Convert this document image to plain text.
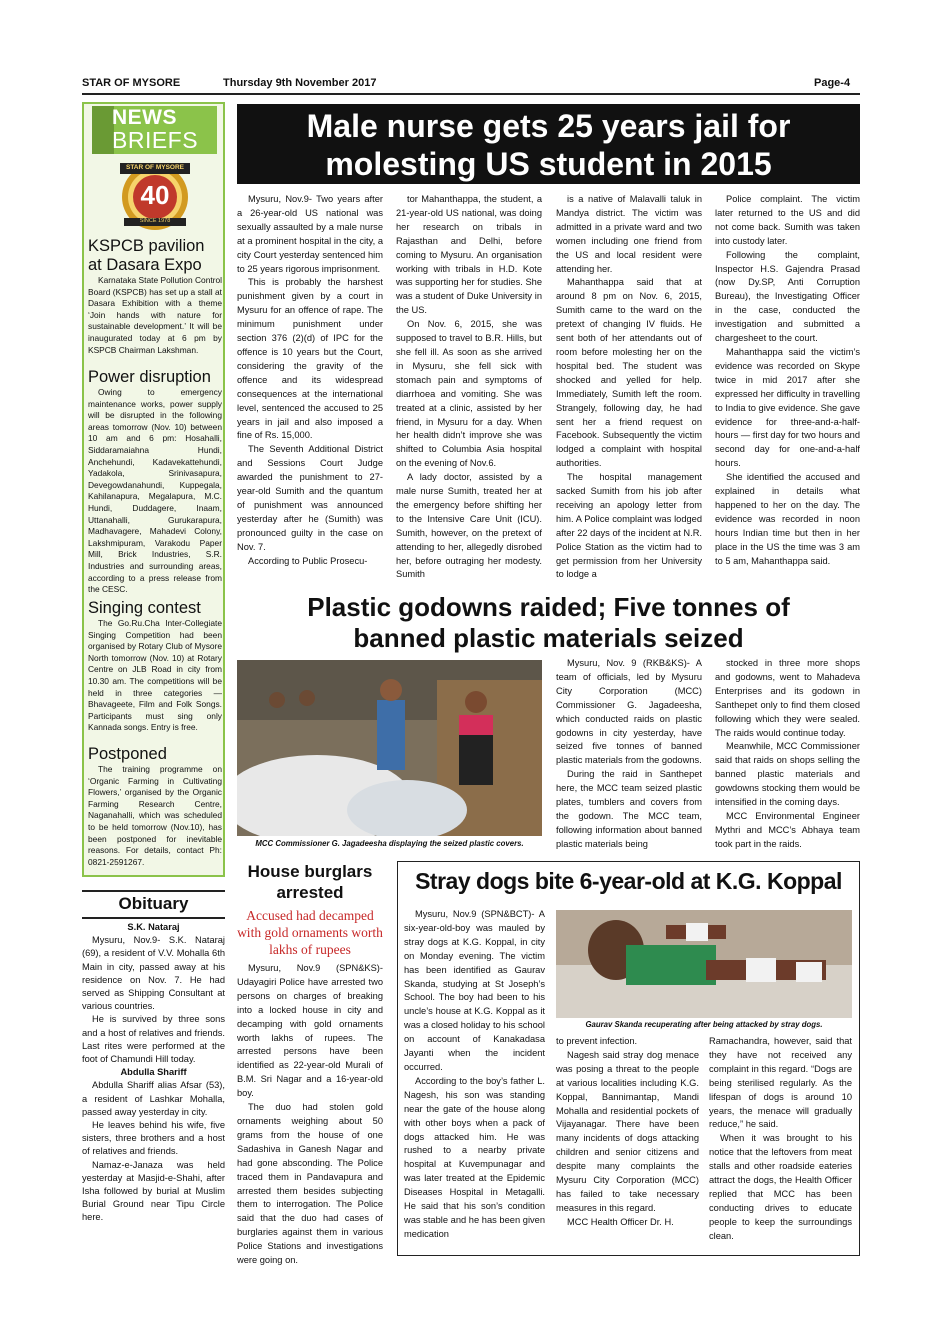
STAR OF MYSORE	Thursday 9th November 2017	Page-4
NEWS
BRIEFS
STAR OF MYSORE
40
SINCE 1978
KSPCB pavilion
at Dasara Expo

Karnataka State Pollution Control Board (KSPCB) has set up a stall at Dasara Exhibition with a theme ‘Join hands with nature for sustainable development.’ It will be inaugurated today at 6 pm by KSPCB Chairman Lakshman.

Power disruption

Owing to emergency maintenance works, power supply will be disrupted in the following areas tomorrow (Nov. 10) between 10 am and 6 pm: Hosahalli, Siddaramaiahna Hundi, Anchehundi, Kadavekattehundi, Yadakola, Srinivasapura, Devegowdanahundi, Kuppegala, Kahilanapura, Megalapura, M.C. Hundi, Duddagere, Inaam, Uttanahalli, Gurukarapura, Madhavagere, Mahadevi Colony, Lakshmipuram, Varakodu Paper Mill, Brick Industries, S.R. Industries and surrounding areas, according to a press release from the CESC.

Singing contest

The Go.Ru.Cha Inter-Collegiate Singing Competition had been organised by Rotary Club of Mysore North tomorrow (Nov. 10) at Rotary Centre on JLB Road in city from 10.30 am. The competitions will be held in three categories — Bhavageete, Film and Folk Songs. Participants must sing only Kannada songs. Entry is free.

Postponed

The training programme on ‘Organic Farming in Cultivating Flowers,’ organised by the Organic Farming Research Centre, Naganahalli, which was scheduled to be held tomorrow (Nov.10), has been postponed for inevitable reasons. For details, contact Ph: 0821-2591267.

Obituary
S.K. Nataraj

Mysuru, Nov.9- S.K. Nataraj (69), a resident of V.V. Mohalla 6th Main in city, passed away at his residence on Nov. 7. He had served as Shipping Consultant at various countries.

He is survived by three sons and a host of relatives and friends. Last rites were performed at the foot of Chamundi Hill today.

Abdulla Shariff

Abdulla Shariff alias Afsar (53), a resident of Lashkar Mohalla, passed away yesterday in city.

He leaves behind his wife, five sisters, three brothers and a host of relatives and friends.

Namaz-e-Janaza was held yesterday at Masjid-e-Shahi, after Isha followed by burial at Muslim Burial Ground near Tipu Circle here.

Male nurse gets 25 years jail for
molesting US student in 2015

Mysuru, Nov.9- Two years after a 26-year-old US national was sexually assaulted by a male nurse at a prominent hospital in the city, a city Court yesterday sentenced him to 25 years rigorous imprisonment.

This is probably the harshest punishment given by a court in Mysuru for an offence of rape. The minimum punishment under section 376 (2)(d) of IPC for the offence is 10 years but the Court, considering the gravity of the offence and its widespread consequences at the international level, sentenced the accused to 25 years in jail and also imposed a fine of Rs. 15,000.

The Seventh Additional District and Sessions Court Judge awarded the punishment to 27-year-old Sumith and the quantum of punishment was announced yesterday after he (Sumith) was pronounced guilty in the case on Nov. 7.

According to Public Prosecu-

tor Mahanthappa, the student, a 21-year-old US national, was doing her research on tribals in Rajasthan and Delhi, before coming to Mysuru. An organisation working with tribals in H.D. Kote was supporting her for studies. She was a student of Duke University in the US.

On Nov. 6, 2015, she was supposed to travel to B.R. Hills, but she fell ill. As soon as she arrived in Mysuru, she fell sick with stomach pain and symptoms of diarrhoea and vomiting. She was treated at a clinic, assisted by her friend, in Mysuru for a day. When her health didn’t improve she was shifted to Columbia Asia hospital on the evening of Nov.6.

A lady doctor, assisted by a male nurse Sumith, treated her at the emergency before shifting her to the Intensive Care Unit (ICU). Sumith, however, on the pretext of attending to her, allegedly disrobed her, before outraging her modesty. Sumith

is a native of Malavalli taluk in Mandya district. The victim was admitted in a private ward and two women including one friend from the US and local resident were attending her.

Mahanthappa said that at around 8 pm on Nov. 6, 2015, Sumith came to the ward on the pretext of changing IV fluids. He sent both of her attendants out of room before molesting her on the hospital bed. The student was shocked and yelled for help. Immediately, Sumith left the room. Strangely, following day, he had sent her a friend request on Facebook. Subsequently the victim lodged a complaint with hospital authorities.

The hospital management sacked Sumith from his job after receiving an apology letter from him. A Police complaint was lodged after 22 days of the incident at N.R. Police Station as the victim had to get permission from her University to lodge a

Police complaint. The victim later returned to the US and did not come back. Sumith was taken into custody later.

Following the complaint, Inspector H.S. Gajendra Prasad (now Dy.SP, Anti Corruption Bureau), the Investigating Officer in the case, conducted the investigation and submitted a chargesheet to the court.

Mahanthappa said the victim’s evidence was recorded on Skype twice in mid 2017 after she expressed her difficulty in travelling to India to give evidence. She gave evidence for three-and-a-half-hours — first day for two hours and second day for one-and-a-half hours.

She identified the accused and explained in details what happened to her on the day. The evidence was recorded in noon hours Indian time but then in her place in the US the time was 3 am to 5 am, Mahanthappa said.

Plastic godowns raided; Five tonnes of
banned plastic materials seized
MCC Commissioner G. Jagadeesha displaying the seized plastic covers.

Mysuru, Nov. 9 (RKB&KS)- A team of officials, led by Mysuru City Corporation (MCC) Commissioner G. Jagadeesha, which conducted raids on plastic godowns in city yesterday, have seized five tonnes of banned plastic materials from the godowns.

During the raid in Santhepet here, the MCC team seized plastic plates, tumblers and covers from the godown. The MCC team, following information about banned plastic materials being

stocked in three more shops and godowns, went to Mahadeva Enterprises and its godown in Santhepet only to find them closed following which they were sealed. The raids would continue today.

Meanwhile, MCC Commissioner said that raids on shops selling the banned plastic materials and gowdowns stocking them would be intensified in the coming days.

MCC Environmental Engineer Mythri and MCC’s Abhaya team took part in the raids.

House burglars
arrested
Accused had decamped with gold ornaments worth lakhs of rupees

Mysuru, Nov.9 (SPN&KS)- Udayagiri Police have arrested two persons on charges of breaking into a locked house in city and decamping with gold ornaments worth lakhs of rupees. The arrested persons have been identified as 22-year-old Murali of B.M. Sri Nagar and a 16-year-old boy.

The duo had stolen gold ornaments weighing about 50 grams from the house of one Sadashiva in Ganesh Nagar and had gone absconding. The Police traced them in Pandavapura and arrested them besides subjecting them to interrogation. The Police said that the duo had cases of burglaries against them in various Police Stations and investigations were going on.

Stray dogs bite 6-year-old at K.G. Koppal

Mysuru, Nov.9 (SPN&BCT)- A six-year-old-boy was mauled by stray dogs at K.G. Koppal, in city on Monday evening. The victim has been identified as Gaurav Skanda, studying at St Joseph’s School. The boy had been to his uncle’s house at K.G. Koppal as it was a closed holiday to his school on account of Kanakadasa Jayanti when the incident occurred.

According to the boy’s father L. Nagesh, his son was standing near the gate of the house along with other boys when a pack of dogs attacked him. He was rushed to a nearby private hospital at Kuvempunagar and was later treated at the Epidemic Diseases Hospital in Metagalli. He said that his son’s condition was stable and he has been given medication

Gaurav Skanda recuperating after being attacked by stray dogs.

to prevent infection.

Nagesh said stray dog menace was posing a threat to the people at various localities including K.G. Koppal, Bannimantap, Mandi Mohalla and residential pockets of Vijayanagar. There have been many incidents of dogs attacking children and senior citizens and despite many complaints the Mysuru City Corporation (MCC) has failed to take necessary measures in this regard.

MCC Health Officer Dr. H.

Ramachandra, however, said that they have not received any complaint in this regard. “Dogs are being sterilised regularly. As the lifespan of dogs is around 10 years, the menace will gradually reduce,” he said.

When it was brought to his notice that the leftovers from meat stalls and other roadside eateries attract the dogs, the Health Officer replied that MCC has been conducting drives to educate people to keep the surroundings clean.
